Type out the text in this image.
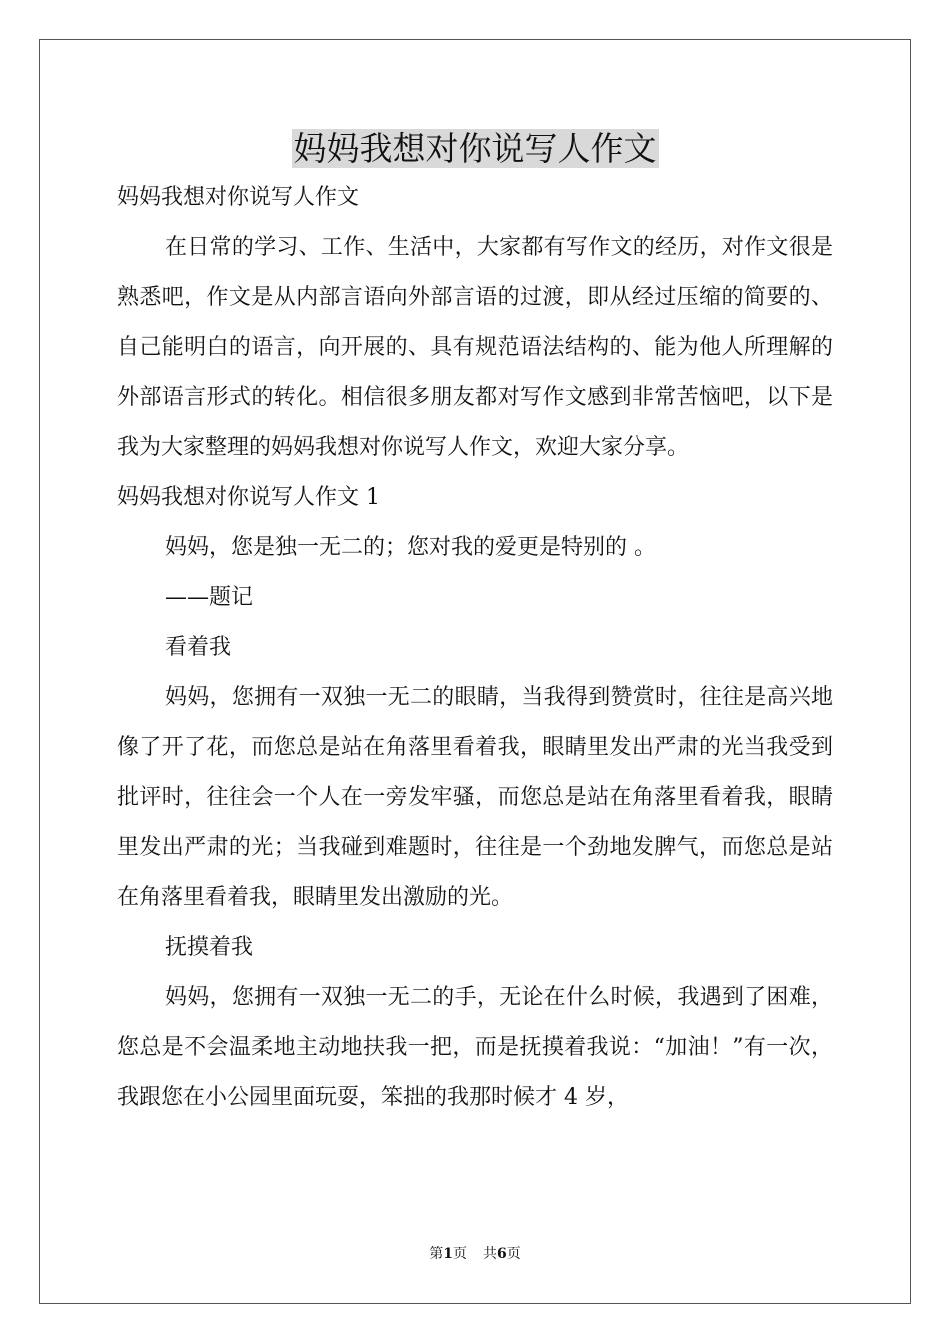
妈妈我想对你说写人作文

妈妈我想对你说写人作文

在日常的学习、工作、生活中，大家都有写作文的经历，对作文很是熟悉吧，作文是从内部言语向外部言语的过渡，即从经过压缩的简要的、自己能明白的语言，向开展的、具有规范语法结构的、能为他人所理解的外部语言形式的转化。相信很多朋友都对写作文感到非常苦恼吧，以下是我为大家整理的妈妈我想对你说写人作文，欢迎大家分享。

妈妈我想对你说写人作文 1

妈妈，您是独一无二的；您对我的爱更是特别的 。

——题记

看着我

妈妈，您拥有一双独一无二的眼睛，当我得到赞赏时，往往是高兴地像了开了花，而您总是站在角落里看着我，眼睛里发出严肃的光当我受到批评时，往往会一个人在一旁发牢骚，而您总是站在角落里看着我，眼睛里发出严肃的光；当我碰到难题时，往往是一个劲地发脾气，而您总是站在角落里看着我，眼睛里发出激励的光。

抚摸着我

妈妈，您拥有一双独一无二的手，无论在什么时候，我遇到了困难，您总是不会温柔地主动地扶我一把，而是抚摸着我说：“加油！”有一次，我跟您在小公园里面玩耍，笨拙的我那时候才 4 岁，

第1页 共6页
